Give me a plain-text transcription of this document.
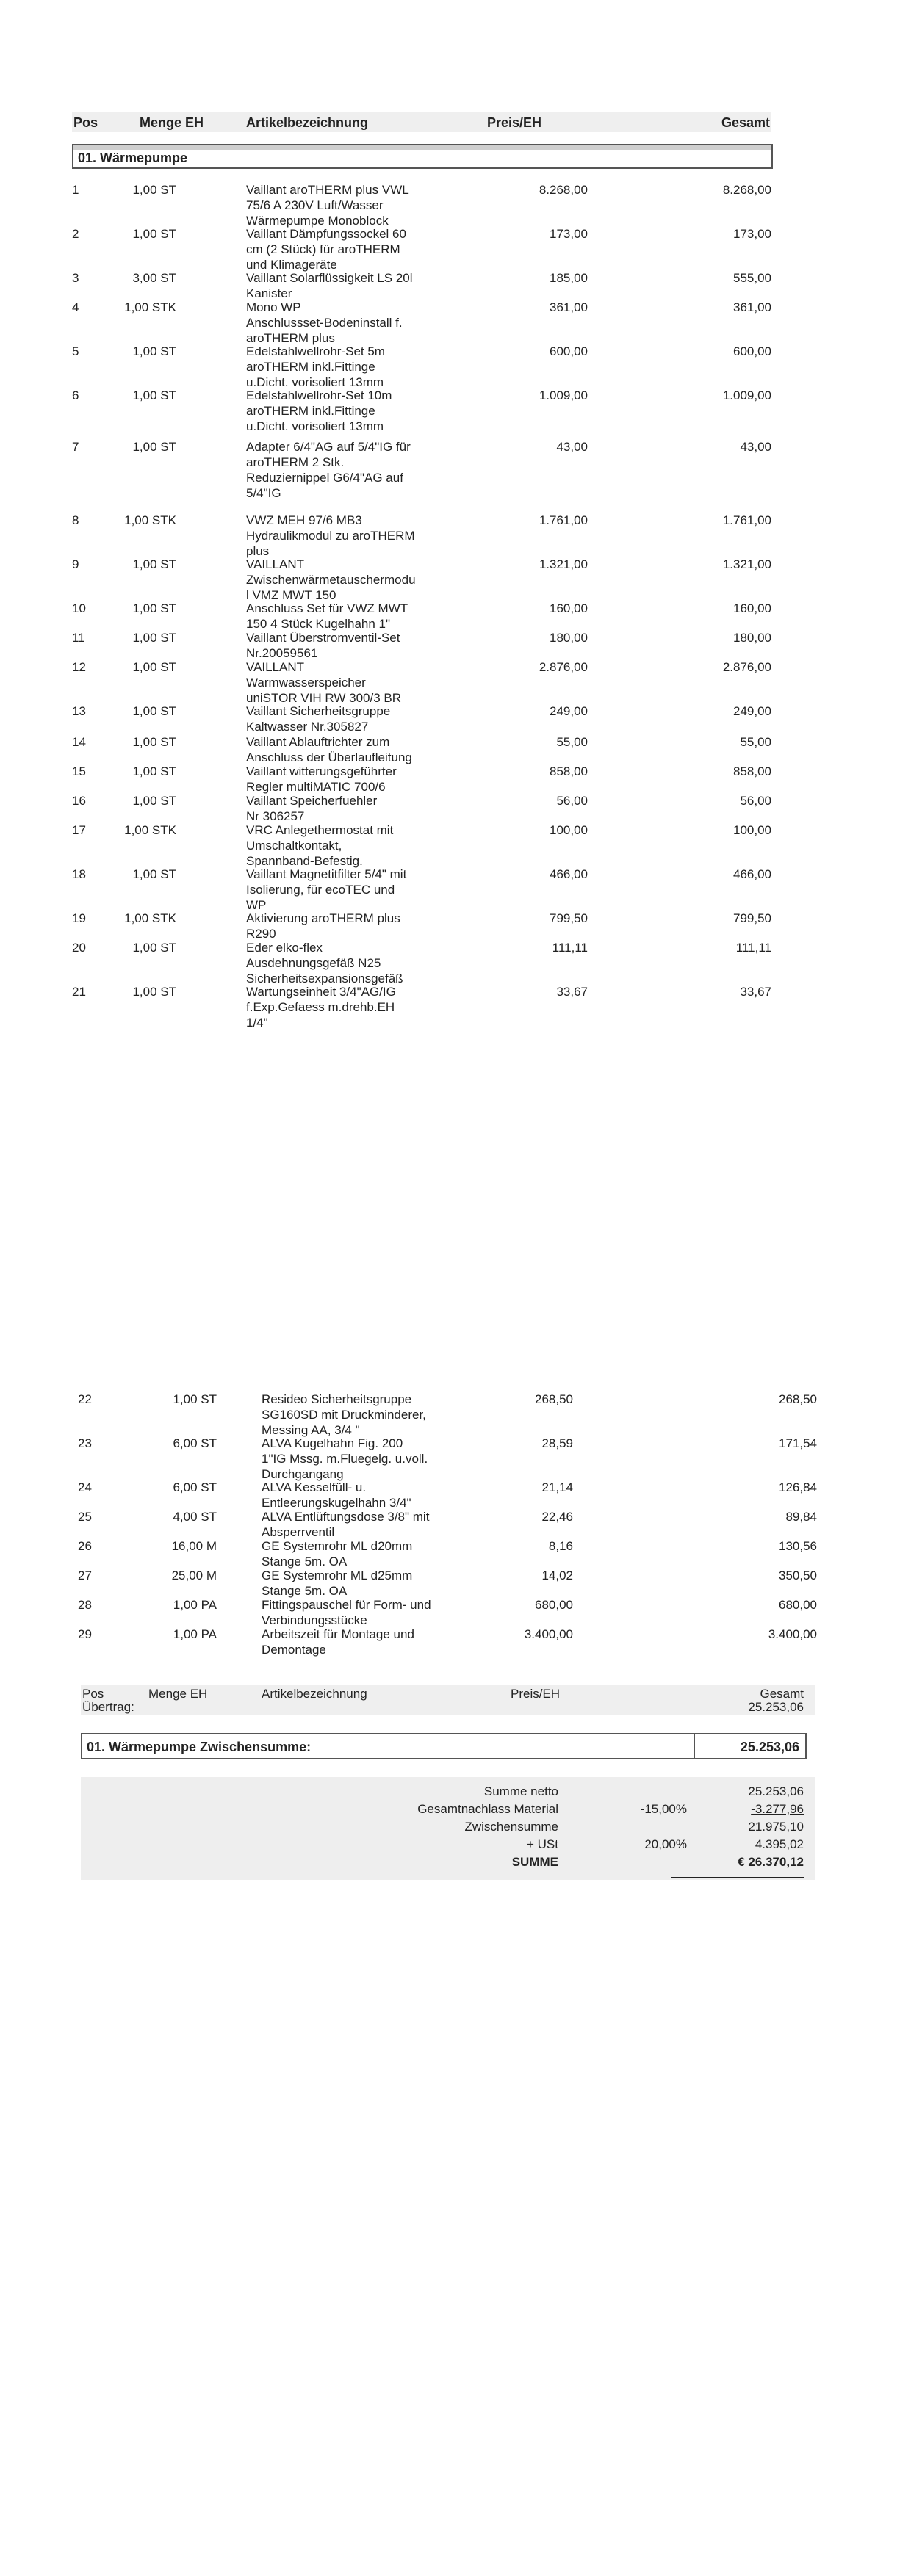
Pos	Menge EH	Artikelbezeichnung	Preis/EH	Gesamt
01. Wärmepumpe
1	1,00 ST	Vaillant aroTHERM plus VWL
75/6 A 230V Luft/Wasser
Wärmepumpe Monoblock
8.268,00	8.268,00
2	1,00 ST	Vaillant Dämpfungssockel 60
cm (2 Stück) für aroTHERM
und Klimageräte
173,00	173,00
3	3,00 ST	Vaillant Solarflüssigkeit LS 20l
Kanister
185,00	555,00
4	1,00 STK	Mono WP
Anschlussset-Bodeninstall f.
aroTHERM plus
361,00	361,00
5	1,00 ST	Edelstahlwellrohr-Set 5m
aroTHERM inkl.Fittinge
u.Dicht. vorisoliert 13mm
600,00	600,00
6	1,00 ST	Edelstahlwellrohr-Set 10m
aroTHERM inkl.Fittinge
u.Dicht. vorisoliert 13mm
1.009,00	1.009,00
7	1,00 ST	Adapter 6/4"AG auf 5/4"IG für
aroTHERM 2 Stk.
Reduziernippel G6/4"AG auf
5/4"IG
43,00	43,00
8	1,00 STK	VWZ MEH 97/6 MB3
Hydraulikmodul zu aroTHERM
plus
1.761,00	1.761,00
9	1,00 ST	VAILLANT
Zwischenwärmetauschermodu
l VMZ MWT 150
1.321,00	1.321,00
10	1,00 ST	Anschluss Set für VWZ MWT
150 4 Stück Kugelhahn 1"
160,00	160,00
11	1,00 ST	Vaillant Überstromventil-Set
Nr.20059561
180,00	180,00
12	1,00 ST	VAILLANT
Warmwasserspeicher
uniSTOR VIH RW 300/3 BR
2.876,00	2.876,00
13	1,00 ST	Vaillant Sicherheitsgruppe
Kaltwasser Nr.305827
249,00	249,00
14	1,00 ST	Vaillant Ablauftrichter zum
Anschluss der Überlaufleitung
55,00	55,00
15	1,00 ST	Vaillant witterungsgeführter
Regler multiMATIC 700/6
858,00	858,00
16	1,00 ST	Vaillant Speicherfuehler
Nr 306257
56,00	56,00
17	1,00 STK	VRC Anlegethermostat mit
Umschaltkontakt,
Spannband-Befestig.
100,00	100,00
18	1,00 ST	Vaillant Magnetitfilter 5/4" mit
Isolierung, für ecoTEC und
WP
466,00	466,00
19	1,00 STK	Aktivierung aroTHERM plus
R290
799,50	799,50
20	1,00 ST	Eder elko-flex
Ausdehnungsgefäß N25
Sicherheitsexpansionsgefäß
111,11	111,11
21	1,00 ST	Wartungseinheit 3/4"AG/IG
f.Exp.Gefaess m.drehb.EH
1/4"
33,67	33,67
22	1,00 ST	Resideo Sicherheitsgruppe
SG160SD mit Druckminderer,
Messing AA, 3/4 "
268,50	268,50
23	6,00 ST	ALVA Kugelhahn Fig. 200
1"IG Mssg. m.Fluegelg. u.voll.
Durchgangang
28,59	171,54
24	6,00 ST	ALVA Kesselfüll- u.
Entleerungskugelhahn 3/4"
21,14	126,84
25	4,00 ST	ALVA Entlüftungsdose 3/8" mit
Absperrventil
22,46	89,84
26	16,00 M	GE Systemrohr ML d20mm
Stange 5m. OA
8,16	130,56
27	25,00 M	GE Systemrohr ML d25mm
Stange 5m. OA
14,02	350,50
28	1,00 PA	Fittingspauschel für Form- und
Verbindungsstücke
680,00	680,00
29	1,00 PA	Arbeitszeit für Montage und
Demontage
3.400,00	3.400,00
Pos	Menge EH	Artikelbezeichnung	Preis/EH	Gesamt
Übertrag:	25.253,06
01. Wärmepumpe Zwischensumme:	25.253,06
Summe netto	25.253,06
Gesamtnachlass Material	-15,00%	-3.277,96
Zwischensumme	21.975,10
+ USt	20,00%	4.395,02
SUMME	€ 26.370,12
